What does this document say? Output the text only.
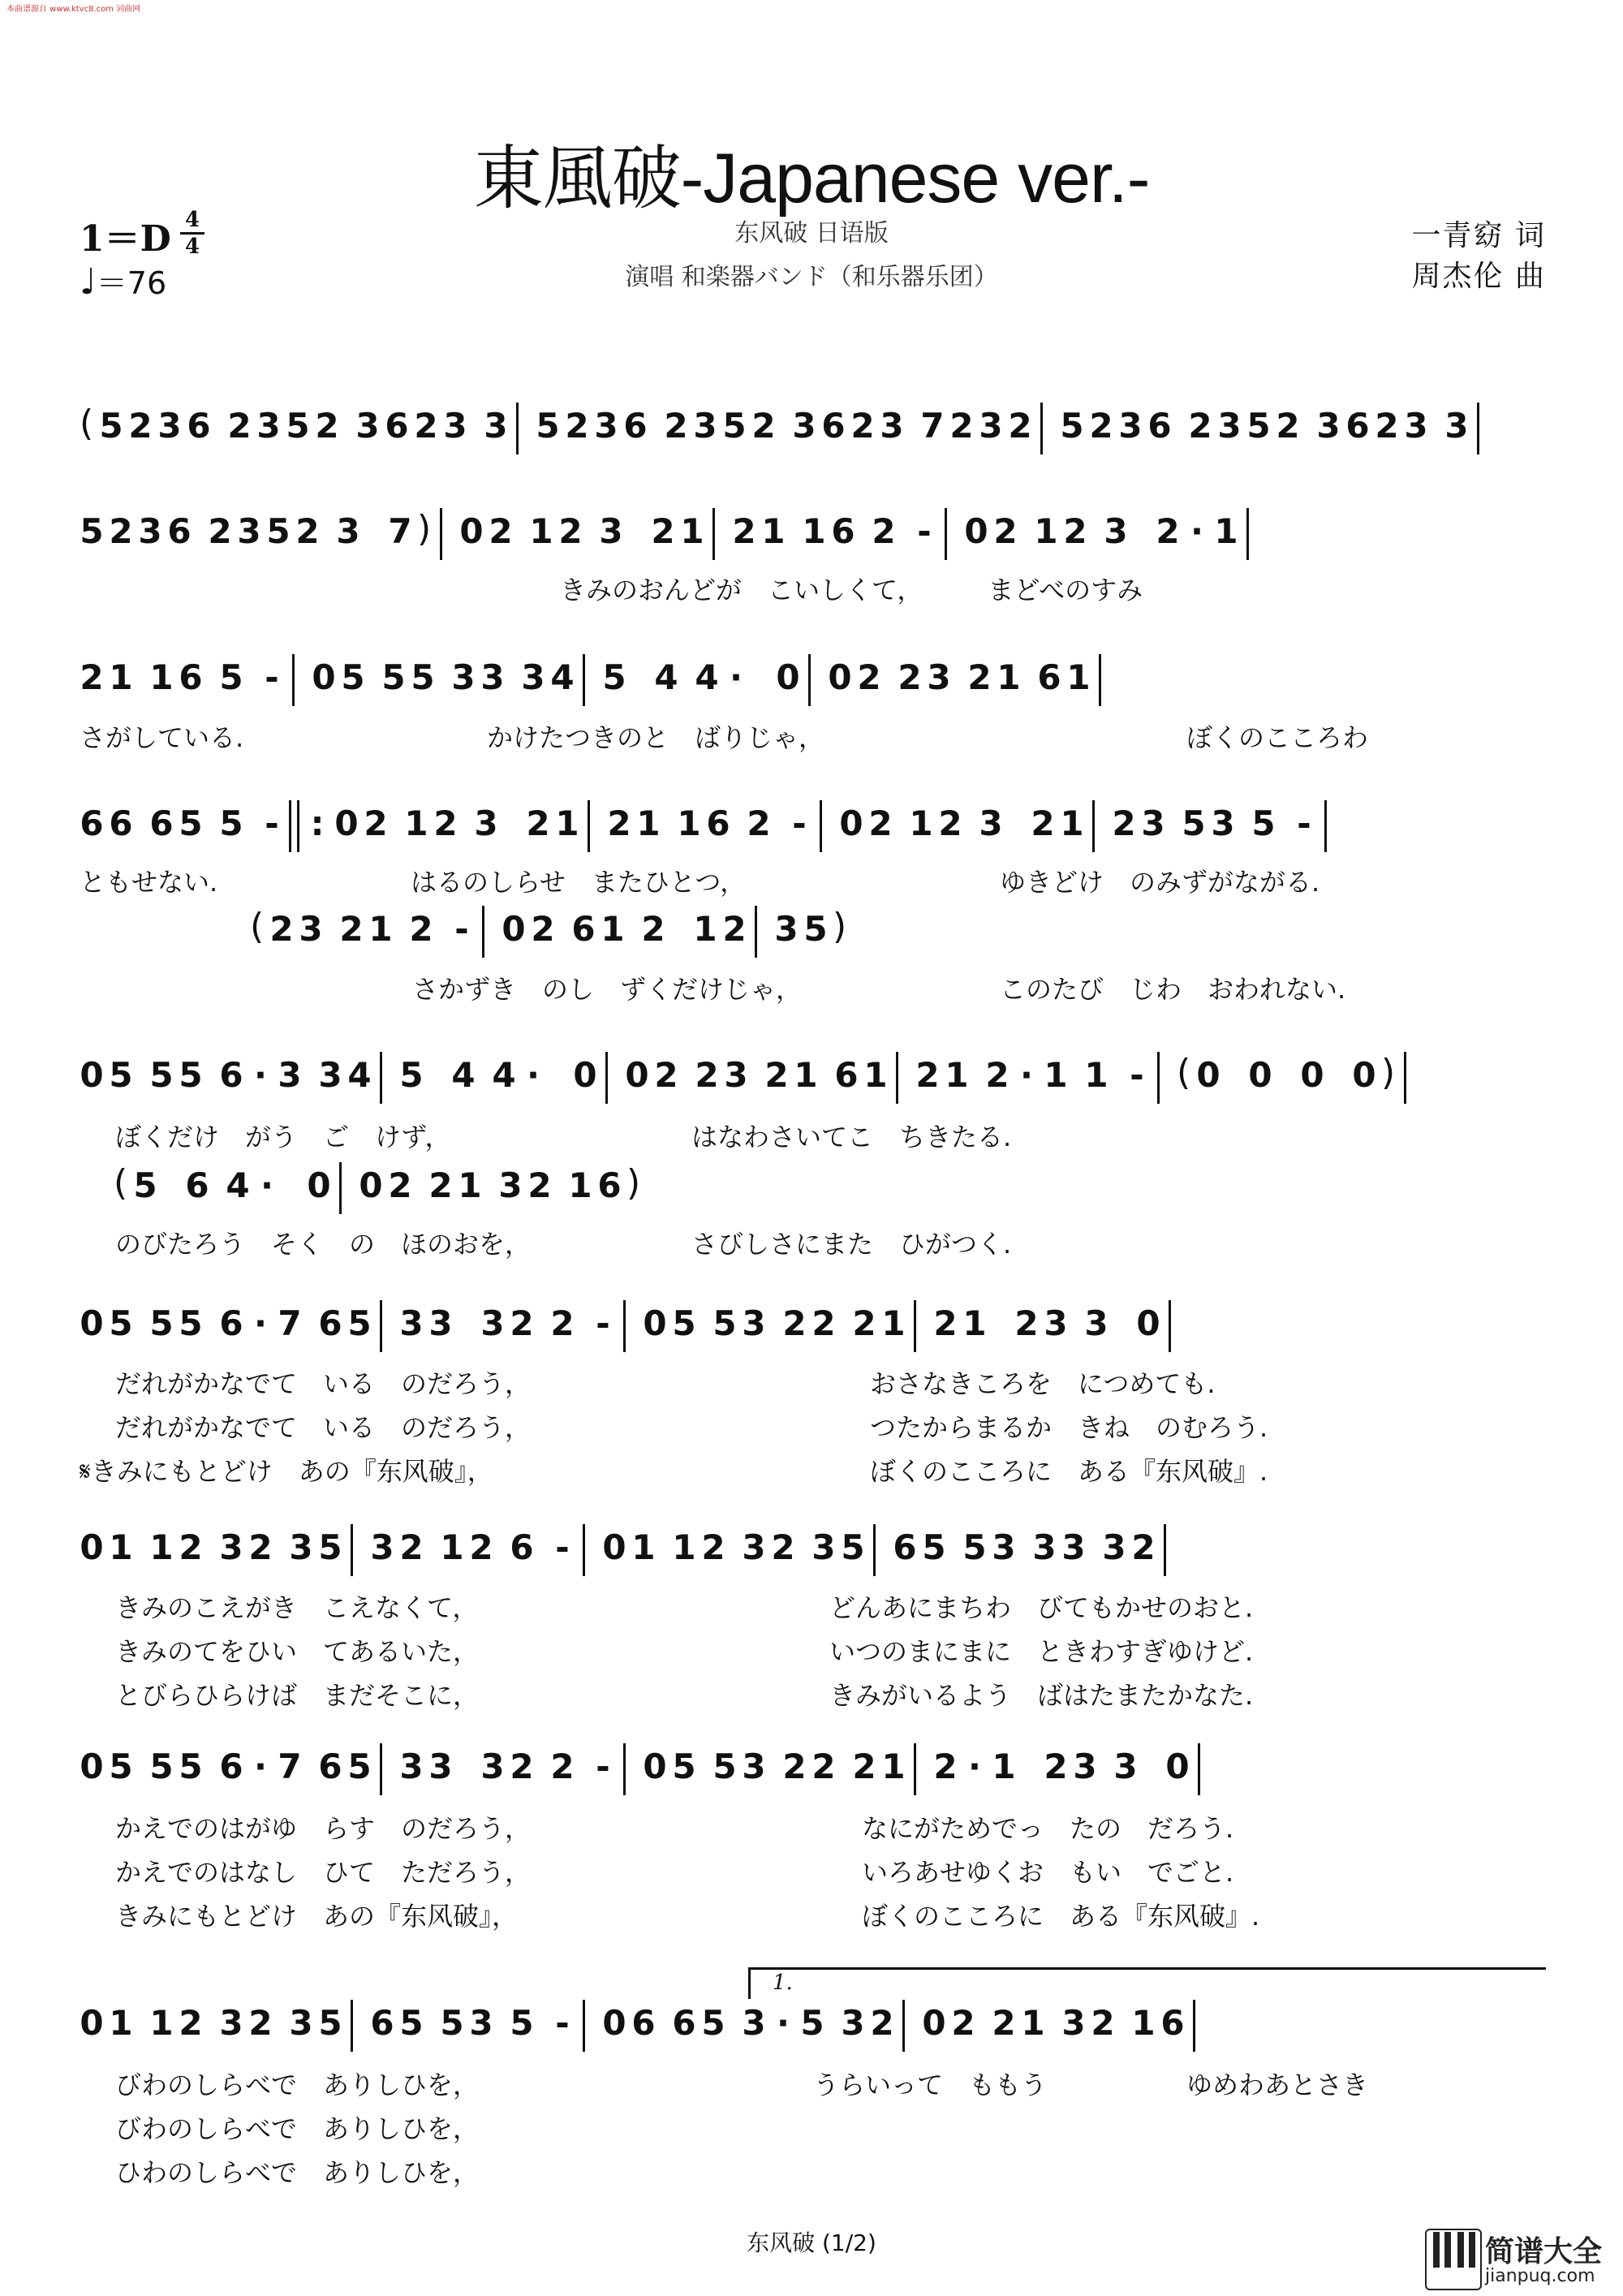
本曲谱源自 www.ktvc8.com 词曲网
東風破-Japanese ver.-
1＝D 4
4
♩＝76
东风破 日语版
演唱 和楽器バンド（和乐器乐团）
一青窈 词
周杰伦 曲
( 5 2 3 6 2 3 5 2 3 6 2 3 3 5 2 3 6 2 3 5 2 3 6 2 3 7 2 3 2 5 2 3 6 2 3 5 2 3 6 2 3 3
5 2 3 6 2 3 5 2 3 7 ) 0 2 1 2 3 2 1 2 1 1 6 2 - 0 2 1 2 3 2 · 1
2 1 1 6 5 - 0 5 5 5 3 3 3 4 5 4 4 · 0 0 2 2 3 2 1 6 1
6 6 6 5 5 - : 0 2 1 2 3 2 1 2 1 1 6 2 - 0 2 1 2 3 2 1 2 3 5 3 5 -
( 2 3 2 1 2 - 0 2 6 1 2 1 2 3 5 )
0 5 5 5 6 · 3 3 4 5 4 4 · 0 0 2 2 3 2 1 6 1 2 1 2 · 1 1 - ( 0 0 0 0 )
( 5 6 4 · 0 0 2 2 1 3 2 1 6 )
0 5 5 5 6 · 7 6 5 3 3 3 2 2 - 0 5 5 3 2 2 2 1 2 1 2 3 3 0
0 1 1 2 3 2 3 5 3 2 1 2 6 - 0 1 1 2 3 2 3 5 6 5 5 3 3 3 3 2
0 5 5 5 6 · 7 6 5 3 3 3 2 2 - 0 5 5 3 2 2 2 1 2 · 1 2 3 3 0
0 1 1 2 3 2 3 5 6 5 5 3 5 - 0 6 6 5 3 · 5 3 2 0 2 2 1 3 2 1 6
きみのおんどが　こいしくて，　　　まどべのすみ
さがしている.	かけたつきのと　ばりじゃ，	ぼくのこころわ
ともせない.	はるのしらせ　またひとつ，	ゆきどけ　のみずがながる.
さかずき　のし　ずくだけじゃ，	このたび　じわ　おわれない.
ぼくだけ　がう　ご　けず，	はなわさいてこ　ちきたる.
のびたろう　そく　の　ほのおを，	さびしさにまた　ひがつく.
だれがかなでて　いる　のだろう，	おさなきころを　につめても.
だれがかなでて　いる　のだろう，	つたからまるか　きね　のむろう.
𝄋きみにもとどけ　あの『东风破』，	ぼくのこころに　ある『东风破』.
きみのこえがき　こえなくて，	どんあにまちわ　びてもかせのおと.
きみのてをひい　てあるいた，	いつのまにまに　ときわすぎゆけど.
とびらひらけば　まだそこに，	きみがいるよう　ばはたまたかなた.
かえでのはがゆ　らす　のだろう，	なにがためでっ　たの　だろう.
かえでのはなし　ひて　ただろう，	いろあせゆくお　もい　でごと.
きみにもとどけ　あの『东风破』，	ぼくのこころに　ある『东风破』.
びわのしらべで　ありしひを，	うらいって　ももう	ゆめわあとさき
びわのしらべで　ありしひを，
ひわのしらべで　ありしひを，
1.
东风破 (1/2)	简谱大全
jianpuq.com
